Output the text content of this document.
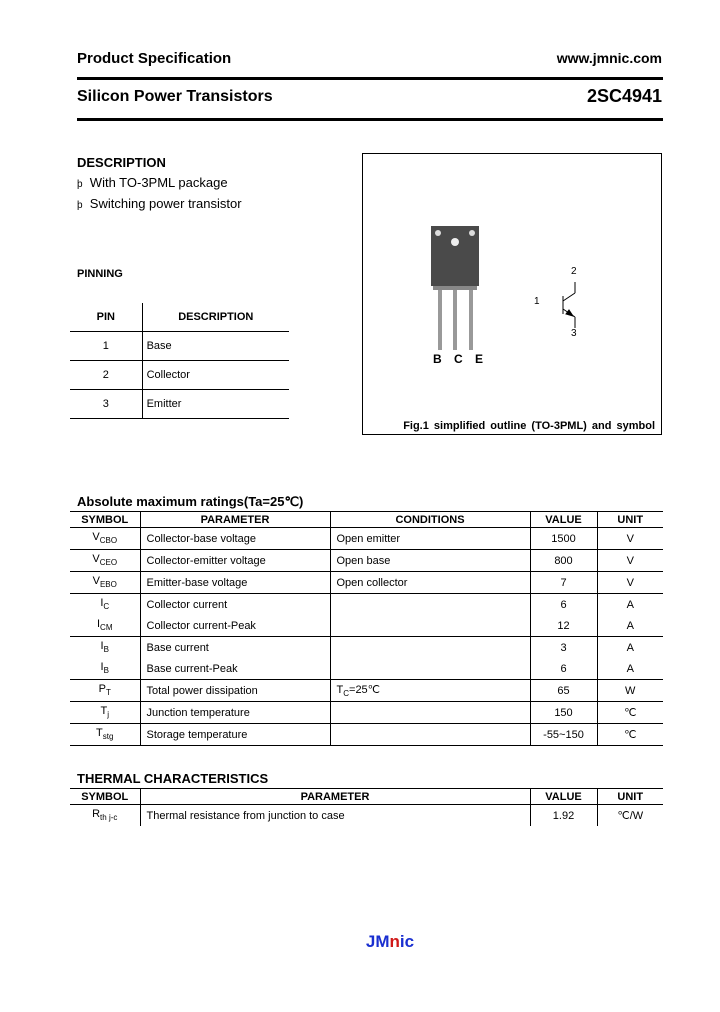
Product Specification	www.jmnic.com
Silicon Power Transistors	2SC4941
DESCRIPTION
þ With TO-3PML package
þ Switching power transistor
PINNING
PIN	DESCRIPTION
1	Base
2	Collector
3	Emitter
B C E
1
2
3
Fig.1 simplified outline (TO-3PML) and symbol
Absolute maximum ratings(Ta=25℃)
SYMBOL	PARAMETER	CONDITIONS	VALUE	UNIT
$V_{CBO}$	Collector-base voltage	Open emitter	1500	V
$V_{CEO}$	Collector-emitter voltage	Open base	800	V
$V_{EBO}$	Emitter-base voltage	Open collector	7	V
$I_C$	Collector current		6	A
$I_{CM}$	Collector current-Peak		12	A
$I_B$	Base current		3	A
$I_B$	Base current-Peak		6	A
$P_T$	Total power dissipation	$T_C=25℃$	65	W
$T_j$	Junction temperature		150	℃
$T_{stg}$	Storage temperature		-55~150	℃
THERMAL CHARACTERISTICS
SYMBOL	PARAMETER	VALUE	UNIT
$R_{th j-c}$	Thermal resistance from junction to case	1.92	℃/W
JMnic
